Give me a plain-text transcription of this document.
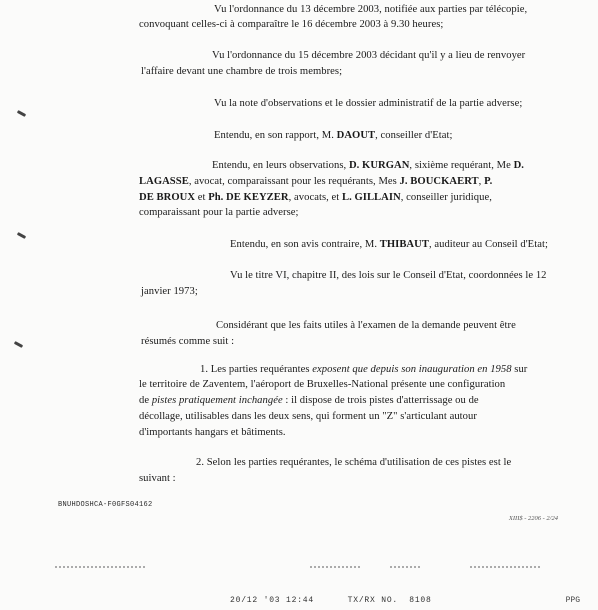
Vu l'ordonnance du 13 décembre 2003, notifiée aux parties par télécopie,
convoquant celles-ci à comparaître le 16 décembre 2003 à 9.30 heures;
Vu l'ordonnance du 15 décembre 2003 décidant qu'il y a lieu de renvoyer
l'affaire devant une chambre de trois membres;
Vu la note d'observations et le dossier administratif de la partie adverse;
Entendu, en son rapport, M. DAOUT, conseiller d'Etat;
Entendu, en leurs observations, D. KURGAN, sixième requérant, Me D.
LAGASSE, avocat, comparaissant pour les requérants, Mes J. BOUCKAERT, P.
DE BROUX et Ph. DE KEYZER, avocats, et L. GILLAIN, conseiller juridique,
comparaissant pour la partie adverse;
Entendu, en son avis contraire, M. THIBAUT, auditeur au Conseil d'Etat;
Vu le titre VI, chapitre II, des lois sur le Conseil d'Etat, coordonnées le 12
janvier 1973;
Considérant que les faits utiles à l'examen de la demande peuvent être
résumés comme suit :
1. Les parties requérantes exposent que depuis son inauguration en 1958 sur
le territoire de Zaventem, l'aéroport de Bruxelles-National présente une configuration
de pistes pratiquement inchangée : il dispose de trois pistes d'atterrissage ou de
décollage, utilisables dans les deux sens, qui forment un "Z" s'articulant autour
d'importants hangars et bâtiments.
2. Selon les parties requérantes, le schéma d'utilisation de ces pistes est le
suivant :
BNUHDOSHCA-F0GFS04162
XIII$ - 2206 - 2/24
20/12 '03 12:44      TX/RX NO.  8108	PPG
